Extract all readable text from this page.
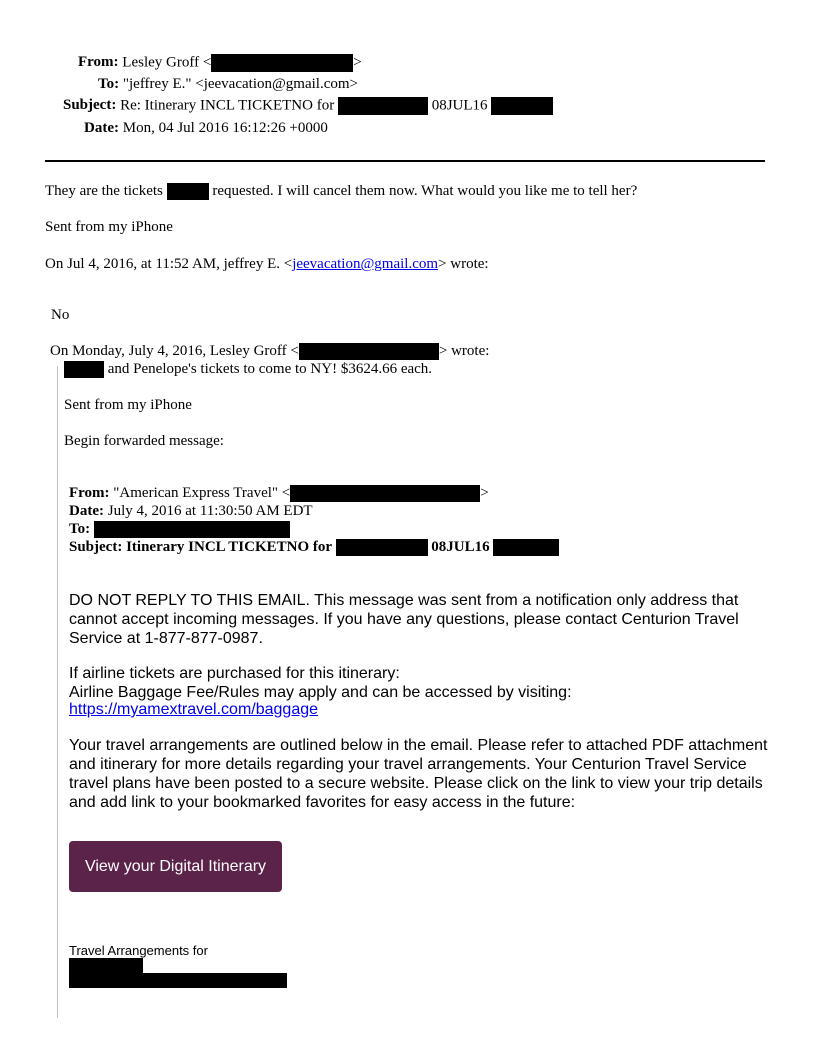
From: Lesley Groff <	>
To: "jeffrey E." <jeevacation@gmail.com>
Subject: Re: Itinerary INCL TICKETNO for	08JUL16
Date: Mon, 04 Jul 2016 16:12:26 +0000
They are the tickets	requested. I will cancel them now. What would you like me to tell her?
Sent from my iPhone
On Jul 4, 2016, at 11:52 AM, jeffrey E. <jeevacation@gmail.com> wrote:
No
On Monday, July 4, 2016, Lesley Groff <	> wrote:
and Penelope's tickets to come to NY! $3624.66 each.
Sent from my iPhone
Begin forwarded message:
From: "American Express Travel" <	>
Date: July 4, 2016 at 11:30:50 AM EDT
To:
Subject: Itinerary INCL TICKETNO for	08JUL16
DO NOT REPLY TO THIS EMAIL. This message was sent from a notification only address that cannot accept incoming messages. If you have any questions, please contact Centurion Travel Service at 1-877-877-0987.
If airline tickets are purchased for this itinerary:
Airline Baggage Fee/Rules may apply and can be accessed by visiting:
https://myamextravel.com/baggage
Your travel arrangements are outlined below in the email. Please refer to attached PDF attachment and itinerary for more details regarding your travel arrangements. Your Centurion Travel Service travel plans have been posted to a secure website. Please click on the link to view your trip details and add link to your bookmarked favorites for easy access in the future:
View your Digital Itinerary
Travel Arrangements for
